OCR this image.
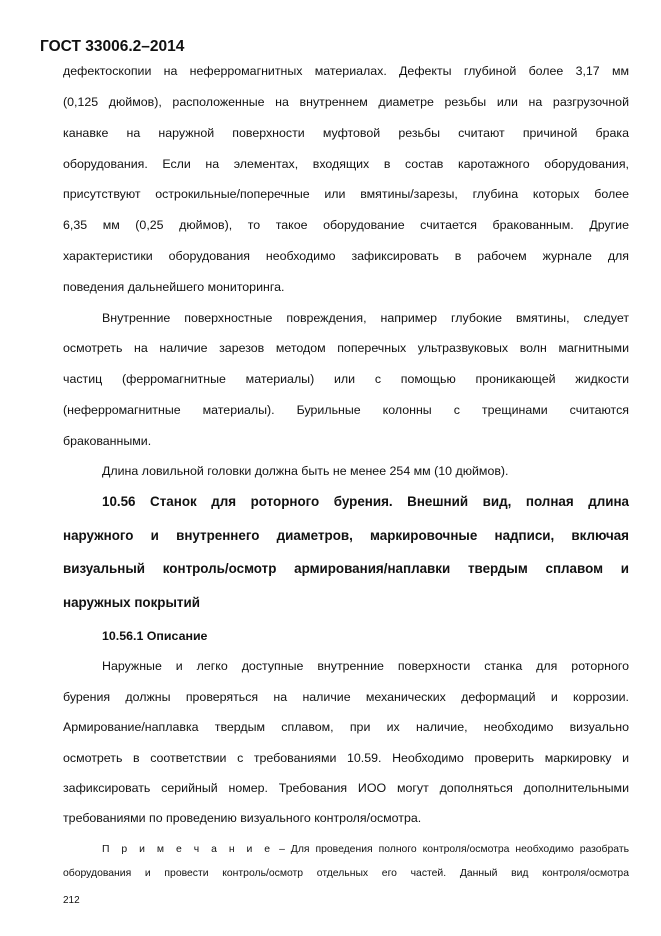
ГОСТ 33006.2–2014
дефектоскопии на неферромагнитных материалах. Дефекты глубиной более 3,17 мм
(0,125 дюймов), расположенные на внутреннем диаметре резьбы или на разгрузочной
канавке на наружной поверхности муфтовой резьбы считают причиной брака
оборудования. Если на элементах, входящих в состав каротажного оборудования,
присутствуют острокильные/поперечные или вмятины/зарезы, глубина которых более
6,35 мм (0,25 дюймов), то такое оборудование считается бракованным. Другие
характеристики оборудования необходимо зафиксировать в рабочем журнале для
поведения дальнейшего мониторинга.
Внутренние поверхностные повреждения, например глубокие вмятины, следует
осмотреть на наличие зарезов методом поперечных ультразвуковых волн магнитными
частиц (ферромагнитные материалы) или с помощью проникающей жидкости
(неферромагнитные материалы). Бурильные колонны с трещинами считаются
бракованными.
Длина ловильной головки должна быть не менее 254 мм (10 дюймов).
10.56 Станок для роторного бурения. Внешний вид, полная длина
наружного и внутреннего диаметров, маркировочные надписи, включая
визуальный контроль/осмотр армирования/наплавки твердым сплавом и
наружных покрытий
10.56.1 Описание
Наружные и легко доступные внутренние поверхности станка для роторного
бурения должны проверяться на наличие механических деформаций и коррозии.
Армирование/наплавка твердым сплавом, при их наличие, необходимо визуально
осмотреть в соответствии с требованиями 10.59. Необходимо проверить маркировку и
зафиксировать серийный номер. Требования ИОО могут дополняться дополнительными
требованиями по проведению визуального контроля/осмотра.
П р и м е ч а н и е – Для проведения полного контроля/осмотра необходимо разобрать
оборудования и провести контроль/осмотр отдельных его частей. Данный вид контроля/осмотра
212
